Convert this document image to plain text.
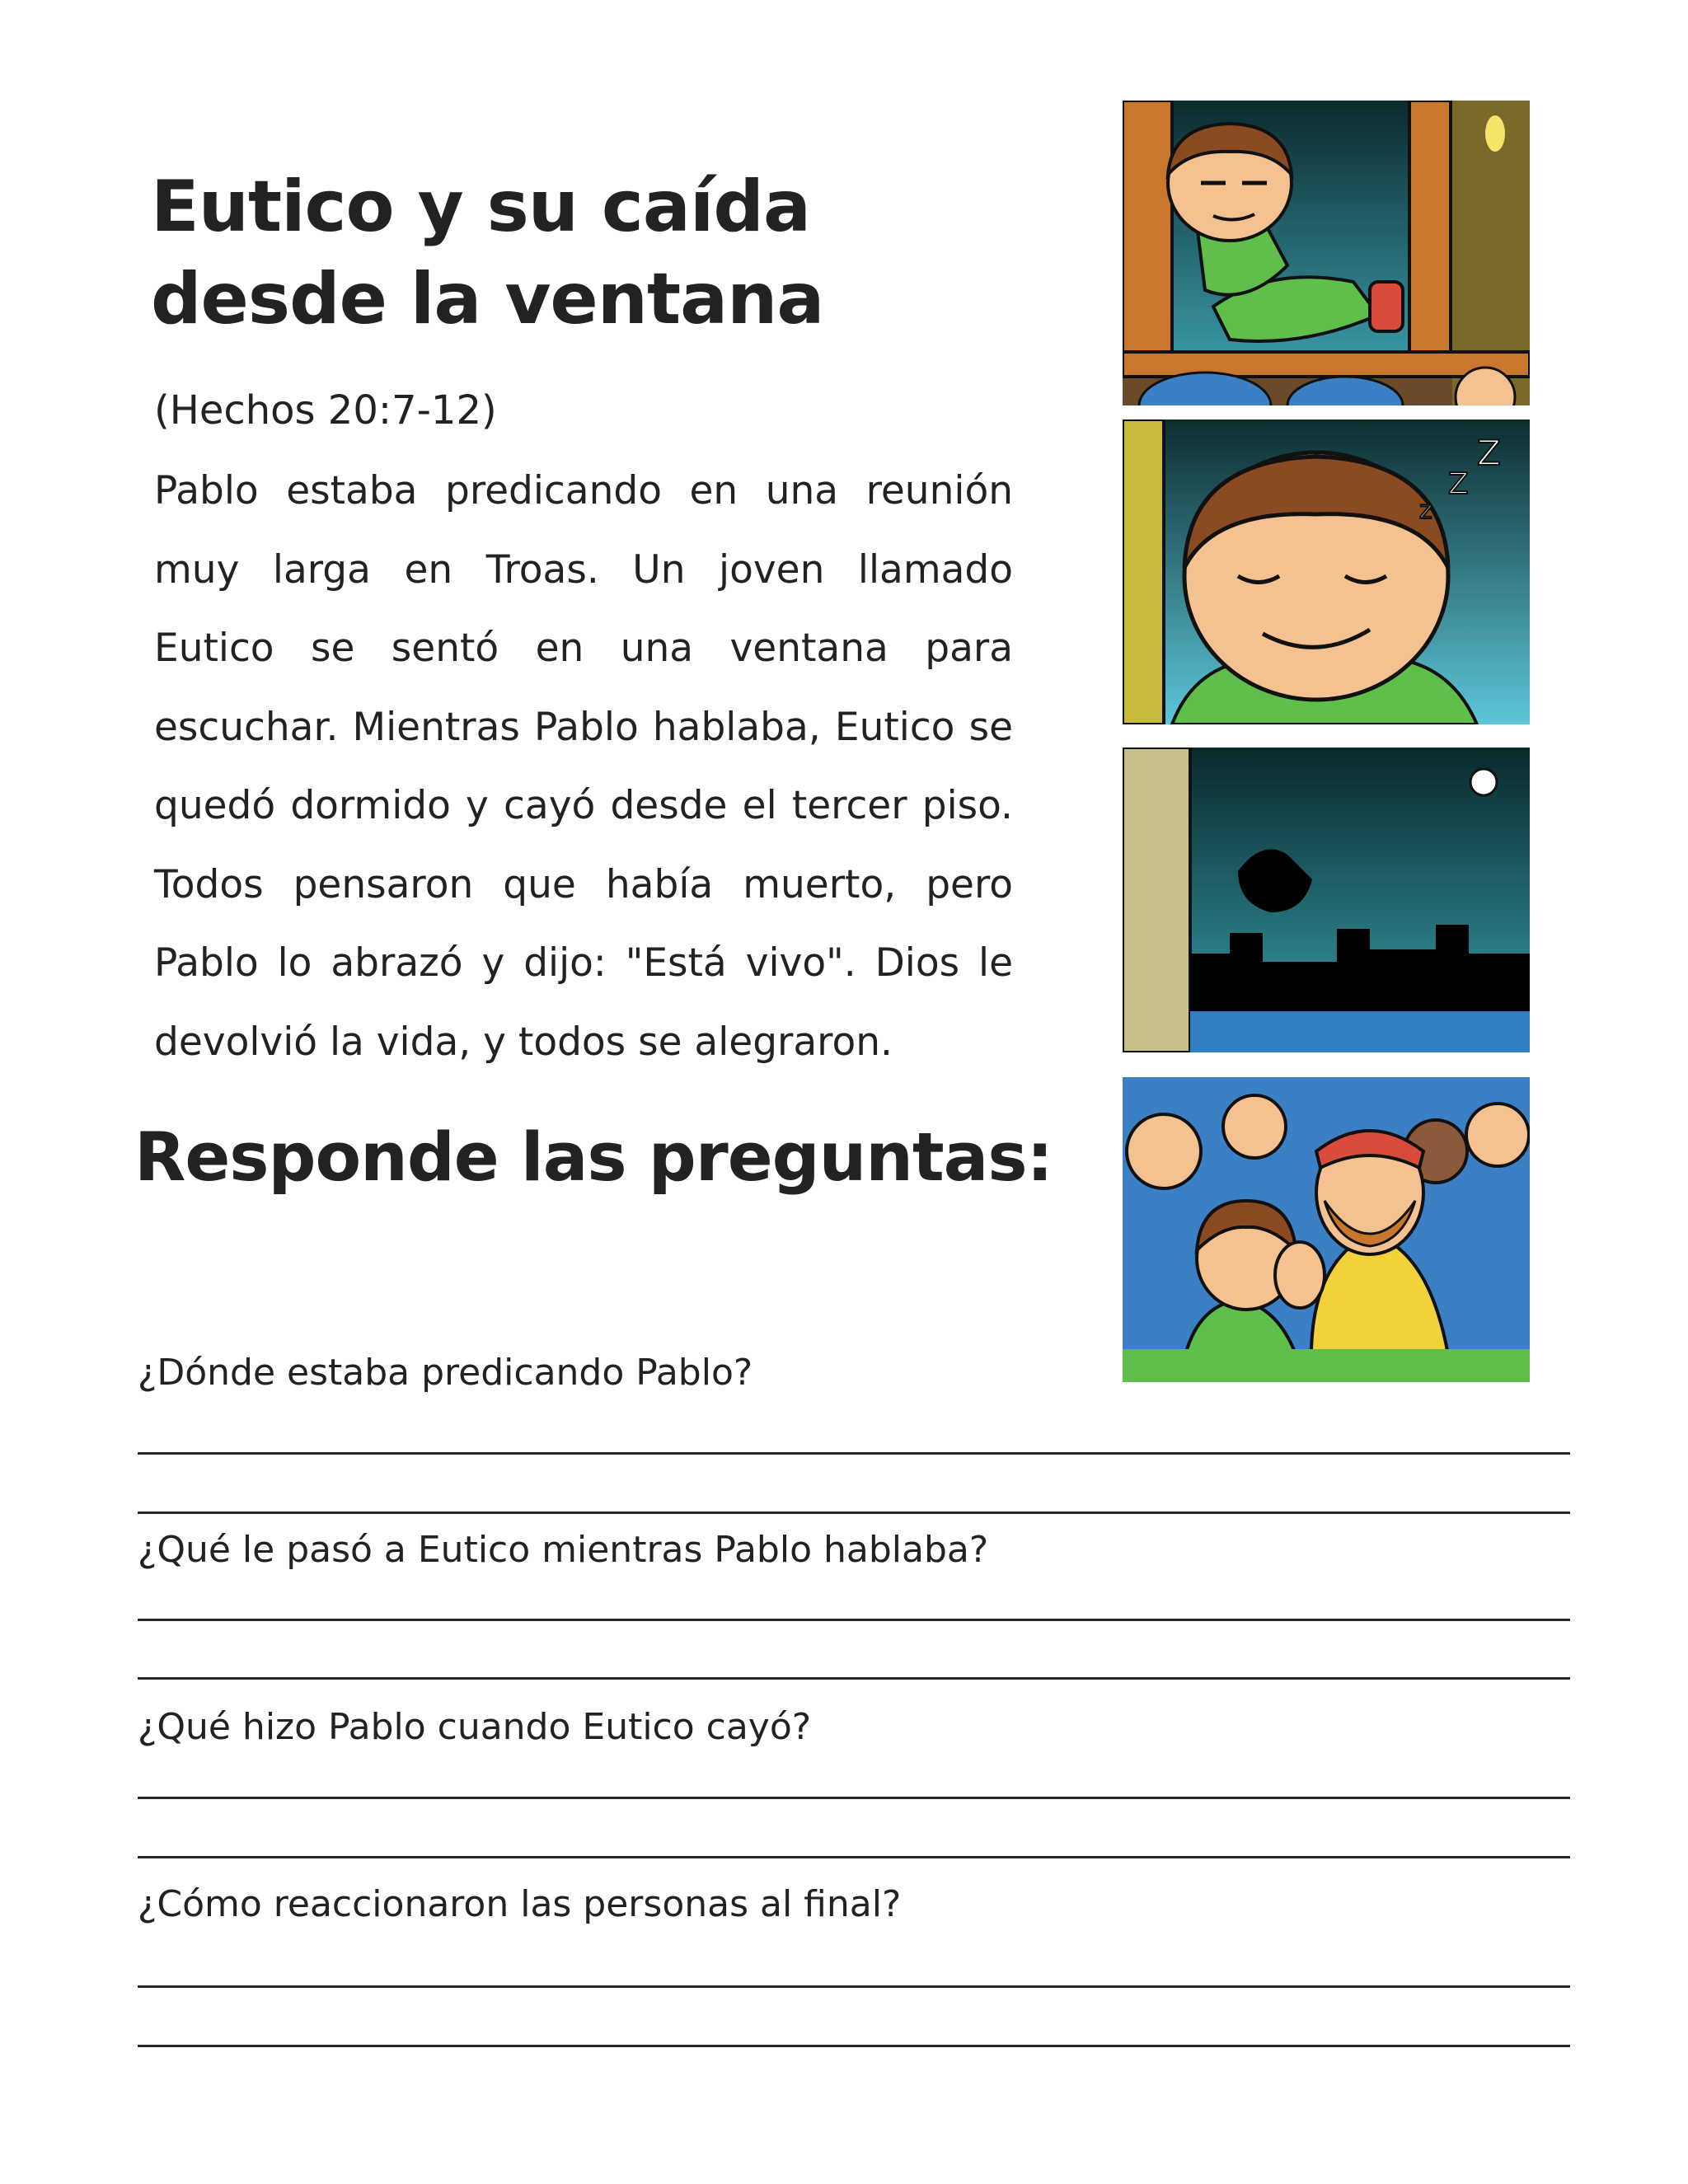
Eutico y su caída
desde la ventana
(Hechos 20:7-12)

Pablo estaba predicando en una reunión muy larga en Troas. Un joven llamado Eutico se sentó en una ventana para escuchar. Mientras Pablo hablaba, Eutico se quedó dormido y cayó desde el tercer piso. Todos pensaron que había muerto, pero Pablo lo abrazó y dijo: "Está vivo". Dios le devolvió la vida, y todos se alegraron.

Responde las preguntas:
¿Dónde estaba predicando Pablo?
¿Qué le pasó a Eutico mientras Pablo hablaba?
¿Qué hizo Pablo cuando Eutico cayó?
¿Cómo reaccionaron las personas al final?
z
Z
Z
